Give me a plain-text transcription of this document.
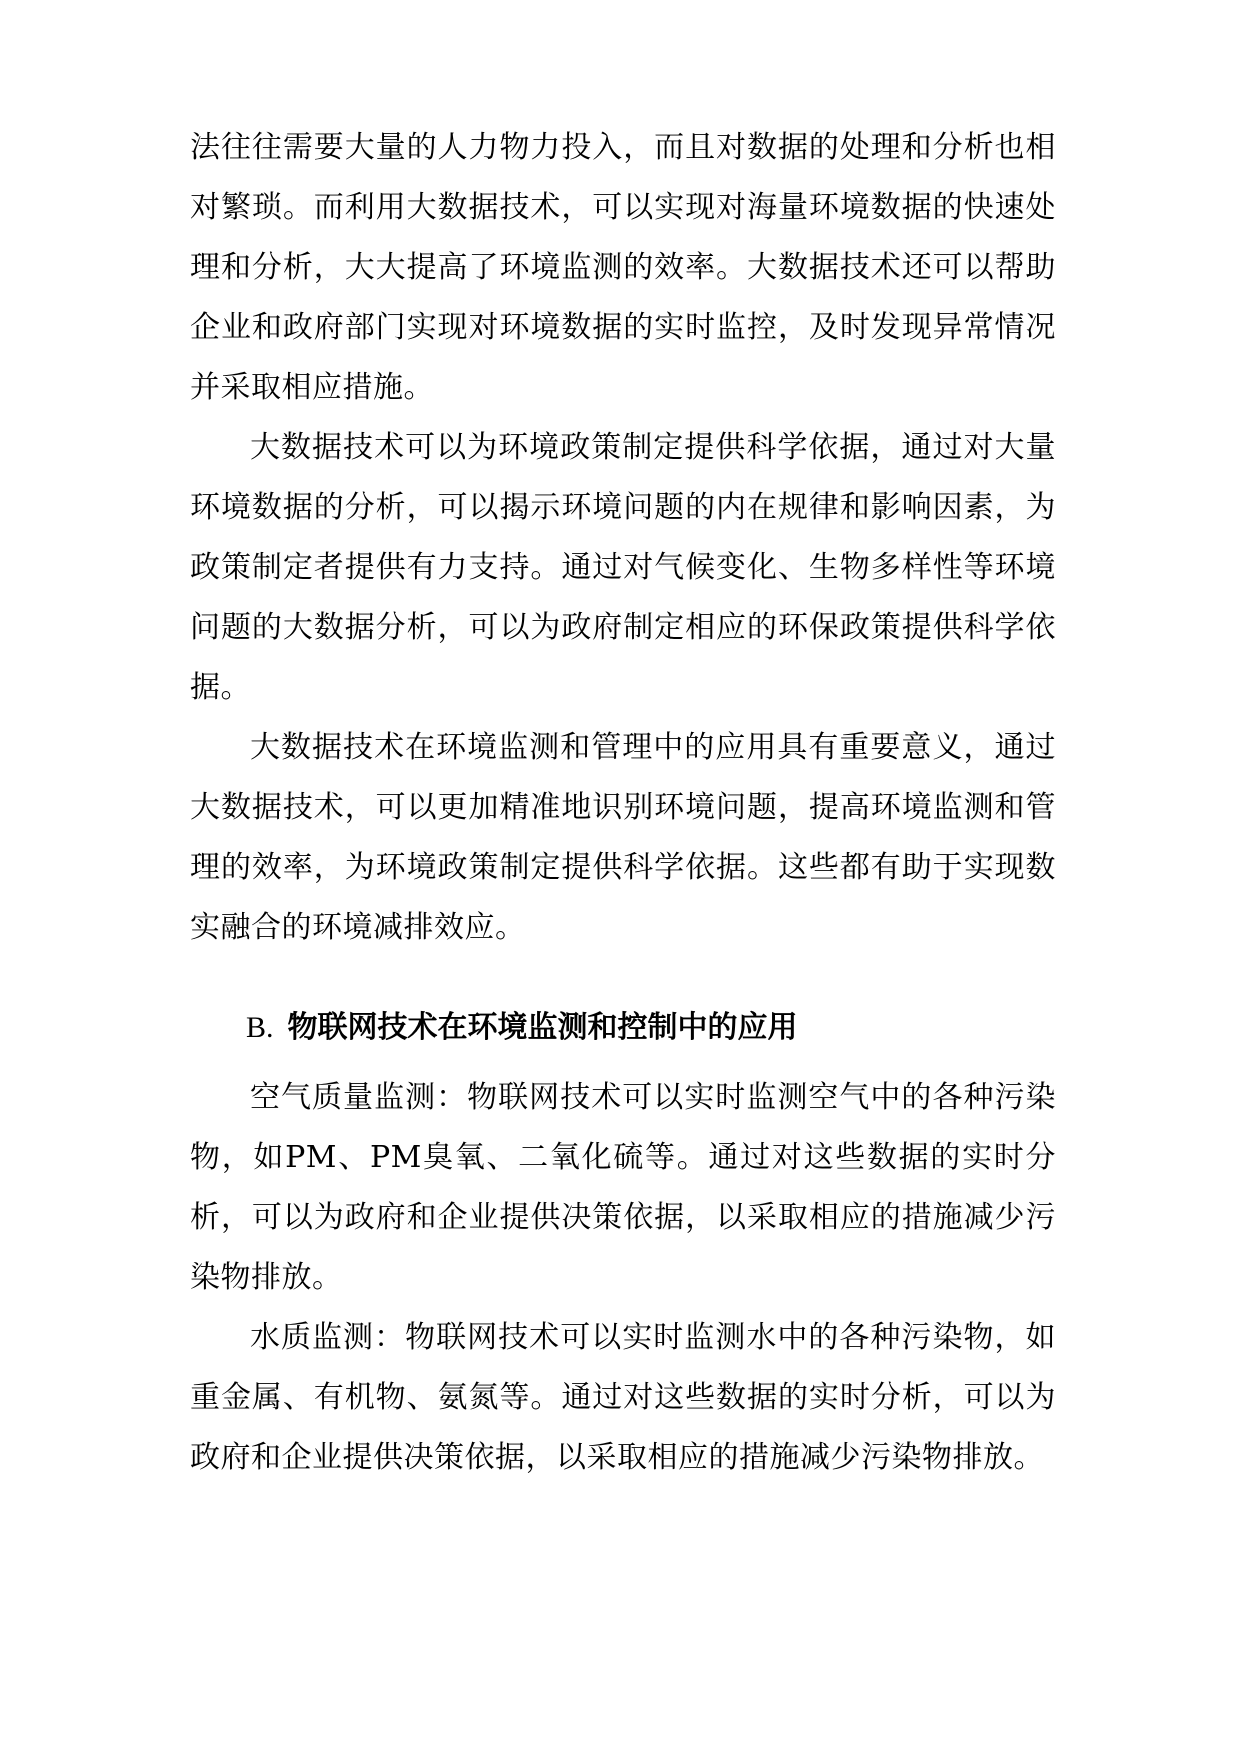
法往往需要大量的人力物力投入，而且对数据的处理和分析也相对繁琐。而利用大数据技术，可以实现对海量环境数据的快速处理和分析，大大提高了环境监测的效率。大数据技术还可以帮助企业和政府部门实现对环境数据的实时监控，及时发现异常情况并采取相应措施。

大数据技术可以为环境政策制定提供科学依据，通过对大量环境数据的分析，可以揭示环境问题的内在规律和影响因素，为政策制定者提供有力支持。通过对气候变化、生物多样性等环境问题的大数据分析，可以为政府制定相应的环保政策提供科学依据。

大数据技术在环境监测和管理中的应用具有重要意义，通过大数据技术，可以更加精准地识别环境问题，提高环境监测和管理的效率，为环境政策制定提供科学依据。这些都有助于实现数实融合的环境减排效应。

B. 物联网技术在环境监测和控制中的应用

空气质量监测：物联网技术可以实时监测空气中的各种污染物，如PM、PM臭氧、二氧化硫等。通过对这些数据的实时分析，可以为政府和企业提供决策依据，以采取相应的措施减少污染物排放。

水质监测：物联网技术可以实时监测水中的各种污染物，如重金属、有机物、氨氮等。通过对这些数据的实时分析，可以为政府和企业提供决策依据，以采取相应的措施减少污染物排放。
